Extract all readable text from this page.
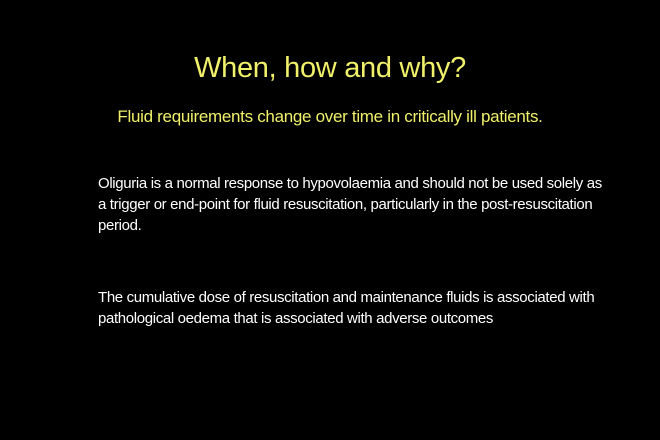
When, how and why?
Fluid requirements change over time in critically ill patients.
Oliguria is a normal response to hypovolaemia and should not be used solely as
a trigger or end-point for fluid resuscitation, particularly in the post-resuscitation
period.
The cumulative dose of resuscitation and maintenance fluids is associated with
pathological oedema that is associated with adverse outcomes
